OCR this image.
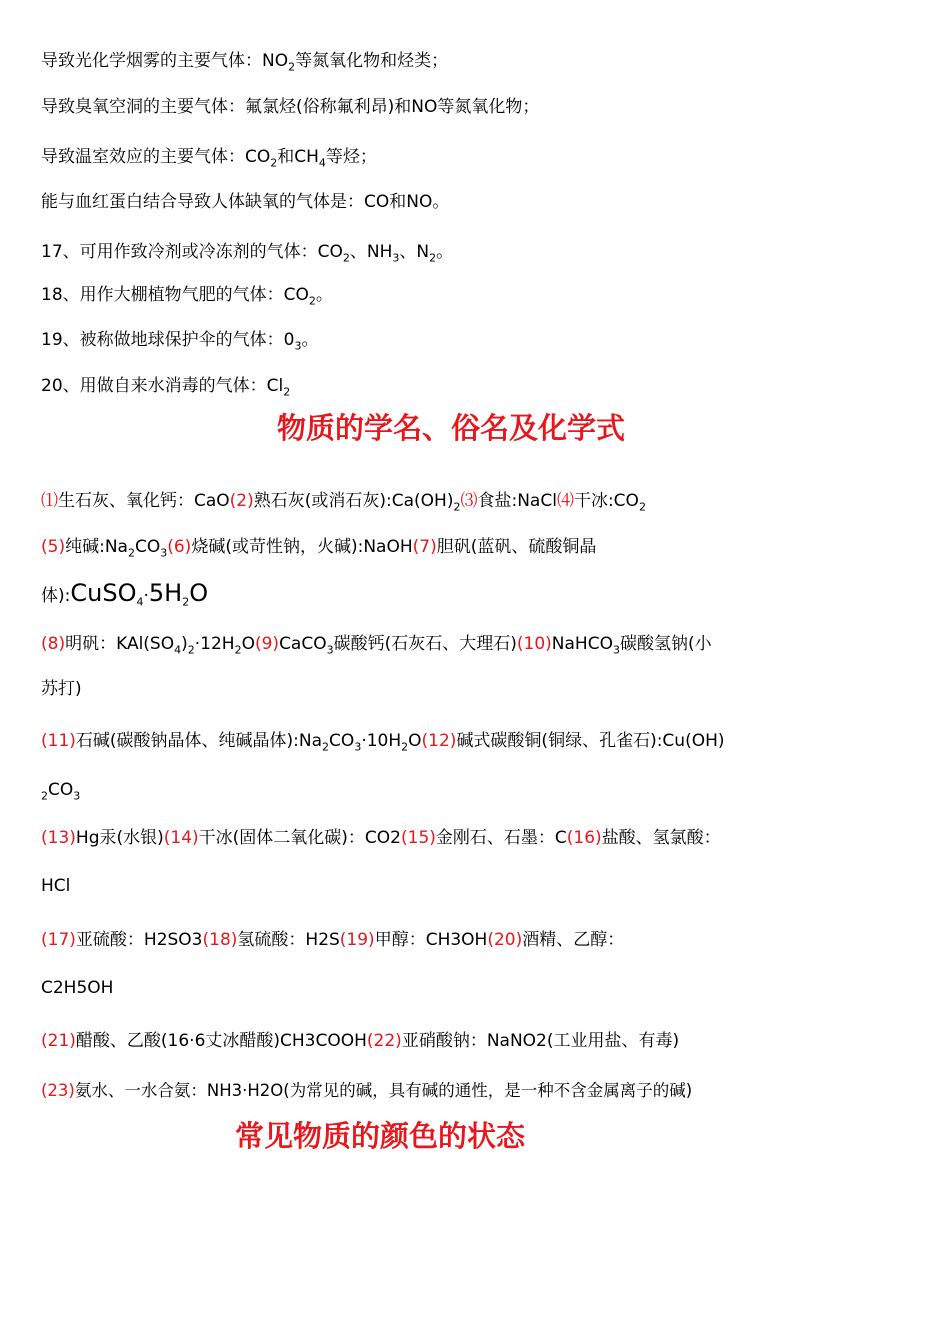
导致光化学烟雾的主要气体：$NO_2$等氮氧化物和烃类；
导致臭氧空洞的主要气体：氟氯烃(俗称氟利昂)和NO等氮氧化物；
导致温室效应的主要气体：$CO_2$和$CH_4$等烃；
能与血红蛋白结合导致人体缺氧的气体是：CO和NO。
17、可用作致冷剂或冷冻剂的气体：$CO_2$、$NH_3$、$N_2$。
18、用作大棚植物气肥的气体：$CO_2$。
19、被称做地球保护伞的气体：$0_3$。
20、用做自来水消毒的气体：$Cl_2$
物质的学名、俗名及化学式
⑴生石灰、氧化钙：CaO(2)熟石灰(或消石灰)$:Ca(OH)_2⑶$食盐:NaCl⑷干冰$:CO_2$
(5)纯碱$:Na_2CO_3(6)$烧碱(或苛性钠，火碱):NaOH(7)胆矾(蓝矾、硫酸铜晶
体)$:CuSO_4\cdot 5H_2O$
(8)明矾：$KAl(SO_4)_2\cdot 12H_2O(9)CaCO_3$碳酸钙(石灰石、大理石)(10)NaHCO$_3$碳酸氢钠(小
苏打)
(11)石碱(碳酸钠晶体、纯碱晶体)$:Na_2CO_3\cdot 10H_2O(12)$碱式碳酸铜(铜绿、孔雀石):Cu(OH)
$_2CO_3$
(13)Hg汞(水银)(14)干冰(固体二氧化碳)：CO2(15)金刚石、石墨：C(16)盐酸、氢氯酸：
HCl
(17)亚硫酸：H2SO3(18)氢硫酸：H2S(19)甲醇：CH3OH(20)酒精、乙醇：
C2H5OH
(21)醋酸、乙酸(16·6丈冰醋酸)CH3COOH(22)亚硝酸钠：NaNO2(工业用盐、有毒)
(23)氨水、一水合氨：NH3·H2O(为常见的碱，具有碱的通性，是一种不含金属离子的碱)
常见物质的颜色的状态
